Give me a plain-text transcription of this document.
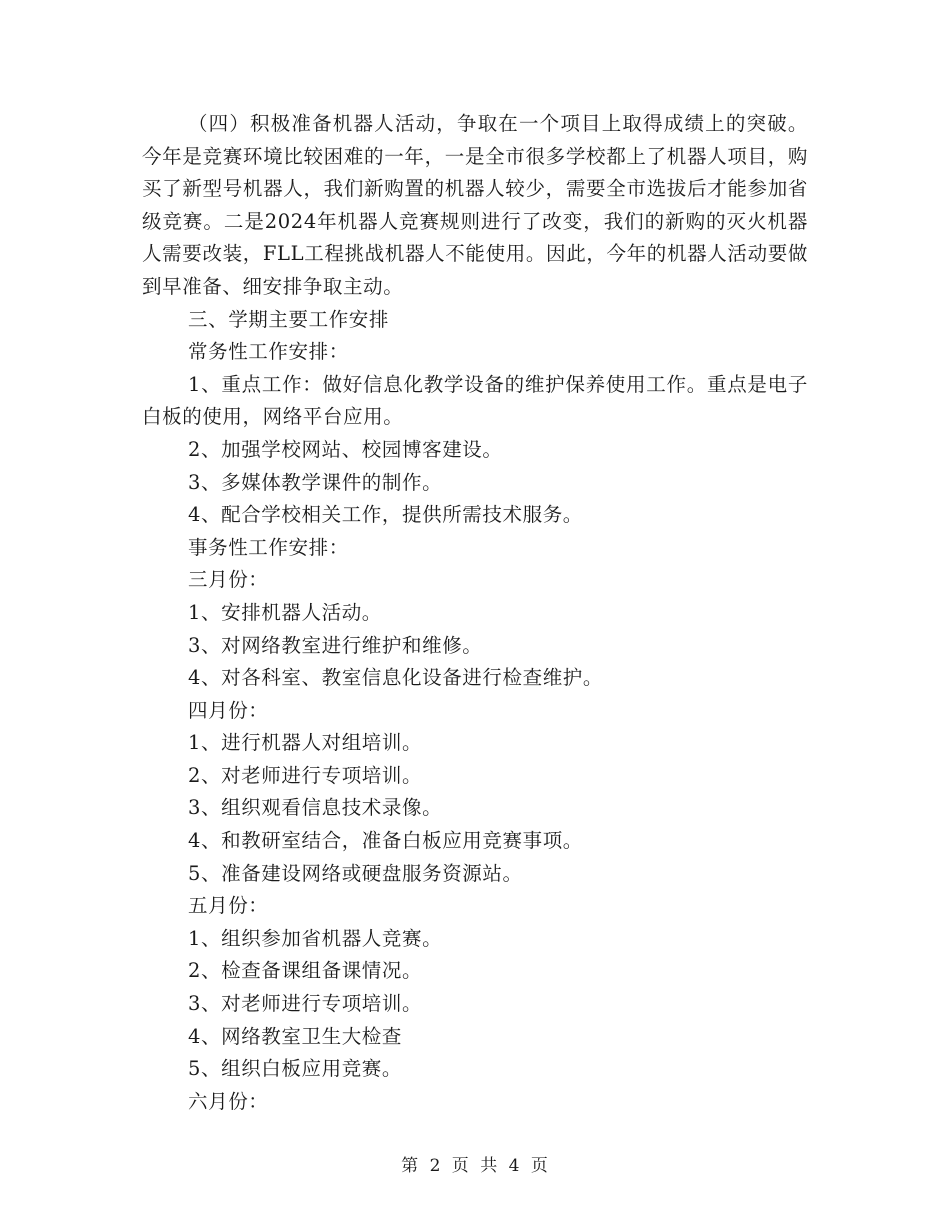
（四）积极准备机器人活动，争取在一个项目上取得成绩上的突破。今年是竞赛环境比较困难的一年，一是全市很多学校都上了机器人项目，购买了新型号机器人，我们新购置的机器人较少，需要全市选拔后才能参加省级竞赛。二是2024年机器人竞赛规则进行了改变，我们的新购的灭火机器人需要改装，FLL工程挑战机器人不能使用。因此，今年的机器人活动要做到早准备、细安排争取主动。

三、学期主要工作安排

常务性工作安排：

1、重点工作：做好信息化教学设备的维护保养使用工作。重点是电子白板的使用，网络平台应用。

2、加强学校网站、校园博客建设。

3、多媒体教学课件的制作。

4、配合学校相关工作，提供所需技术服务。

事务性工作安排：

三月份：

1、安排机器人活动。

3、对网络教室进行维护和维修。

4、对各科室、教室信息化设备进行检查维护。

四月份：

1、进行机器人对组培训。

2、对老师进行专项培训。

3、组织观看信息技术录像。

4、和教研室结合，准备白板应用竞赛事项。

5、准备建设网络或硬盘服务资源站。

五月份：

1、组织参加省机器人竞赛。

2、检查备课组备课情况。

3、对老师进行专项培训。

4、网络教室卫生大检查

5、组织白板应用竞赛。

六月份：

第 2 页 共 4 页
